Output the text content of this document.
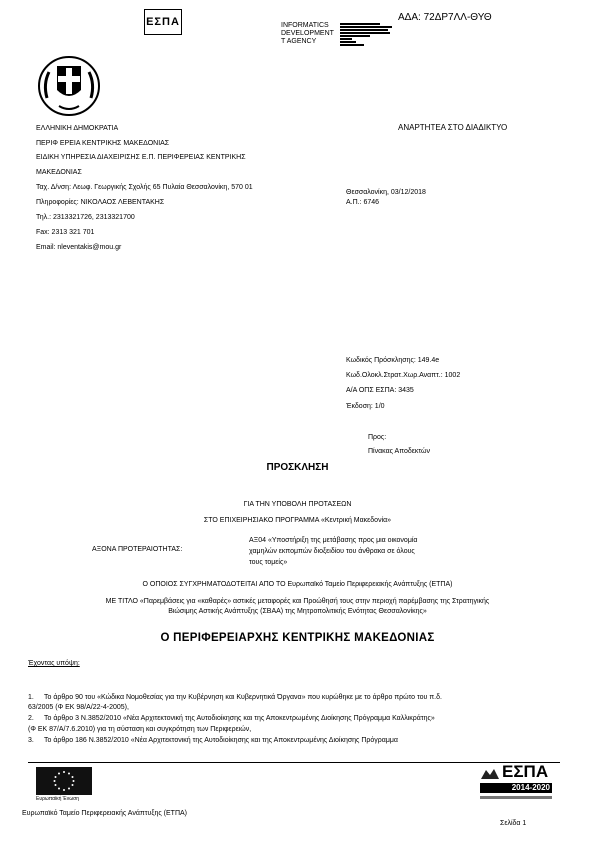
ΕΣΠΑ	INFORMATICS
DEVELOPMENT
T AGENCY
ΑΔΑ: 72ΔΡ7ΛΛ-ΘΥΘ
ΕΛΛΗΝΙΚΗ ΔΗΜΟΚΡΑΤΙΑ
ΠΕΡΙΦ ΕΡΕΙΑ ΚΕΝΤΡΙΚΗΣ ΜΑΚΕΔΟΝΙΑΣ
ΕΙΔΙΚΗ ΥΠΗΡΕΣΙΑ ΔΙΑΧΕΙΡΙΣΗΣ Ε.Π. ΠΕΡΙΦΕΡΕΙΑΣ ΚΕΝΤΡΙΚΗΣ
ΜΑΚΕΔΟΝΙΑΣ
Ταχ. Δ/νση: Λεωφ. Γεωργικής Σχολής 65 Πυλαία Θεσσαλονίκη, 570 01
Πληροφορίες: ΝΙΚΟΛΑΟΣ ΛΕΒΕΝΤΑΚΗΣ
Τηλ.: 2313321726, 2313321700
Fax: 2313 321 701
Email: nleventakis@mou.gr
ΑΝΑΡΤΗΤΕΑ ΣΤΟ ΔΙΑΔΙΚΤΥΟ
Θεσσαλονίκη, 03/12/2018
Α.Π.: 6746
Κωδικός Πρόσκλησης: 149.4e
Κωδ.Ολοκλ.Στρατ.Χωρ.Αναπτ.: 1002
Α/Α ΟΠΣ ΕΣΠΑ: 3435
Έκδοση: 1/0
Προς:
Πίνακας Αποδεκτών
ΠΡΟΣΚΛΗΣΗ
ΓΙΑ ΤΗΝ ΥΠΟΒΟΛΗ ΠΡΟΤΑΣΕΩΝ
ΣΤΟ ΕΠΙΧΕΙΡΗΣΙΑΚΟ ΠΡΟΓΡΑΜΜΑ «Κεντρική Μακεδονία»
ΑΞΟΝΑ ΠΡΟΤΕΡΑΙΟΤΗΤΑΣ:
ΑΞ04 «Υποστήριξη της μετάβασης προς μια οικονομία
χαμηλών εκπομπών διοξειδίου του άνθρακα σε όλους
τους τομείς»
Ο ΟΠΟΙΟΣ ΣΥΓΧΡΗΜΑΤΟΔΟΤΕΙΤΑΙ ΑΠΟ ΤΟ Ευρωπαϊκό Ταμείο Περιφερειακής Ανάπτυξης (ΕΤΠΑ)
ΜΕ ΤΙΤΛΟ «Παρεμβάσεις για «καθαρές» αστικές μεταφορές και Προώθησή τους στην περιοχή παρέμβασης της Στρατηγικής
Βιώσιμης Αστικής Ανάπτυξης (ΣΒΑΑ) της Μητροπολιτικής Ενότητας Θεσσαλονίκης»
Ο ΠΕΡΙΦΕΡΕΙΑΡΧΗΣ ΚΕΝΤΡΙΚΗΣ ΜΑΚΕΔΟΝΙΑΣ
Έχοντας υπόψη:
1. Το άρθρο 90 του «Κώδικα Νομοθεσίας για την Κυβέρνηση και Κυβερνητικά Όργανα» που κυρώθηκε με το άρθρο πρώτο του π.δ.
63/2005 (Φ ΕΚ 98/Α/22-4-2005),
2. Το άρθρο 3 Ν.3852/2010 «Νέα Αρχιτεκτονική της Αυτοδιοίκησης και της Αποκεντρωμένης Διοίκησης Πρόγραμμα Καλλικράτης»
(Φ ΕΚ 87/Α/7.6.2010) για τη σύσταση και συγκρότηση των Περιφερειών,
3. Το άρθρο 186 Ν.3852/2010 «Νέα Αρχιτεκτονική της Αυτοδιοίκησης και της Αποκεντρωμένης Διοίκησης Πρόγραμμα
Ευρωπαϊκή Ένωση
Ευρωπαϊκό Ταμείο Περιφερειακής Ανάπτυξης (ΕΤΠΑ)
ΕΣΠΑ
2014-2020
Σελίδα 1
